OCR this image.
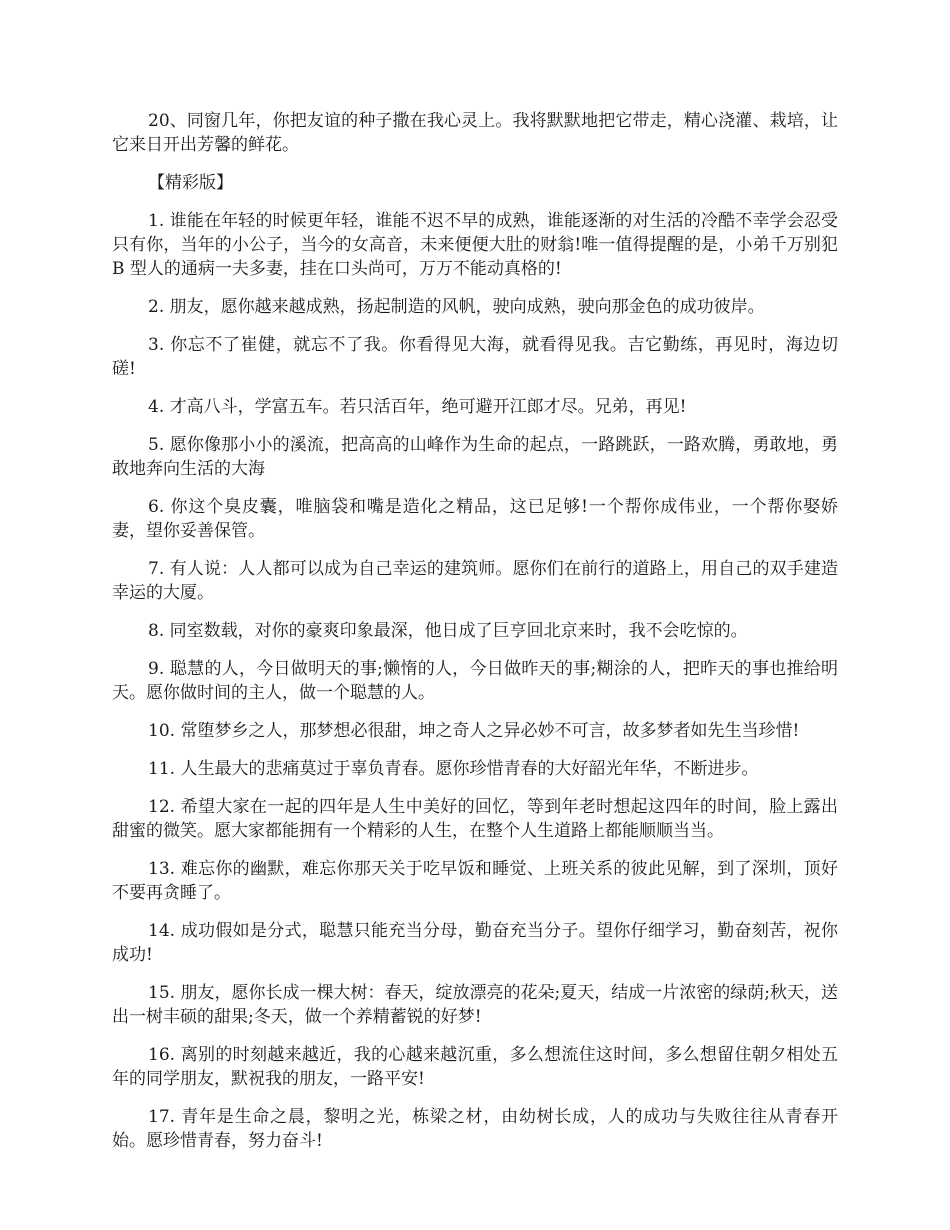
20、同窗几年，你把友谊的种子撒在我心灵上。我将默默地把它带走，精心浇灌、栽培，让它来日开出芳馨的鲜花。

【精彩版】

1. 谁能在年轻的时候更年轻，谁能不迟不早的成熟，谁能逐渐的对生活的冷酷不幸学会忍受只有你，当年的小公子，当今的女高音，未来便便大肚的财翁!唯一值得提醒的是，小弟千万别犯 B 型人的通病一夫多妻，挂在口头尚可，万万不能动真格的!

2. 朋友，愿你越来越成熟，扬起制造的风帆，驶向成熟，驶向那金色的成功彼岸。

3. 你忘不了崔健，就忘不了我。你看得见大海，就看得见我。吉它勤练，再见时，海边切磋!

4. 才高八斗，学富五车。若只活百年，绝可避开江郎才尽。兄弟，再见!

5. 愿你像那小小的溪流，把高高的山峰作为生命的起点，一路跳跃，一路欢腾，勇敢地，勇敢地奔向生活的大海

6. 你这个臭皮囊，唯脑袋和嘴是造化之精品，这已足够!一个帮你成伟业，一个帮你娶娇妻，望你妥善保管。

7. 有人说：人人都可以成为自己幸运的建筑师。愿你们在前行的道路上，用自己的双手建造幸运的大厦。

8. 同室数载，对你的豪爽印象最深，他日成了巨亨回北京来时，我不会吃惊的。

9. 聪慧的人，今日做明天的事;懒惰的人，今日做昨天的事;糊涂的人，把昨天的事也推给明天。愿你做时间的主人，做一个聪慧的人。

10. 常堕梦乡之人，那梦想必很甜，坤之奇人之异必妙不可言，故多梦者如先生当珍惜!

11. 人生最大的悲痛莫过于辜负青春。愿你珍惜青春的大好韶光年华，不断进步。

12. 希望大家在一起的四年是人生中美好的回忆，等到年老时想起这四年的时间，脸上露出甜蜜的微笑。愿大家都能拥有一个精彩的人生，在整个人生道路上都能顺顺当当。

13. 难忘你的幽默，难忘你那天关于吃早饭和睡觉、上班关系的彼此见解，到了深圳，顶好不要再贪睡了。

14. 成功假如是分式，聪慧只能充当分母，勤奋充当分子。望你仔细学习，勤奋刻苦，祝你成功!

15. 朋友，愿你长成一棵大树：春天，绽放漂亮的花朵;夏天，结成一片浓密的绿荫;秋天，送出一树丰硕的甜果;冬天，做一个养精蓄锐的好梦!

16. 离别的时刻越来越近，我的心越来越沉重，多么想流住这时间，多么想留住朝夕相处五年的同学朋友，默祝我的朋友，一路平安!

17. 青年是生命之晨，黎明之光，栋梁之材，由幼树长成，人的成功与失败往往从青春开始。愿珍惜青春，努力奋斗!
